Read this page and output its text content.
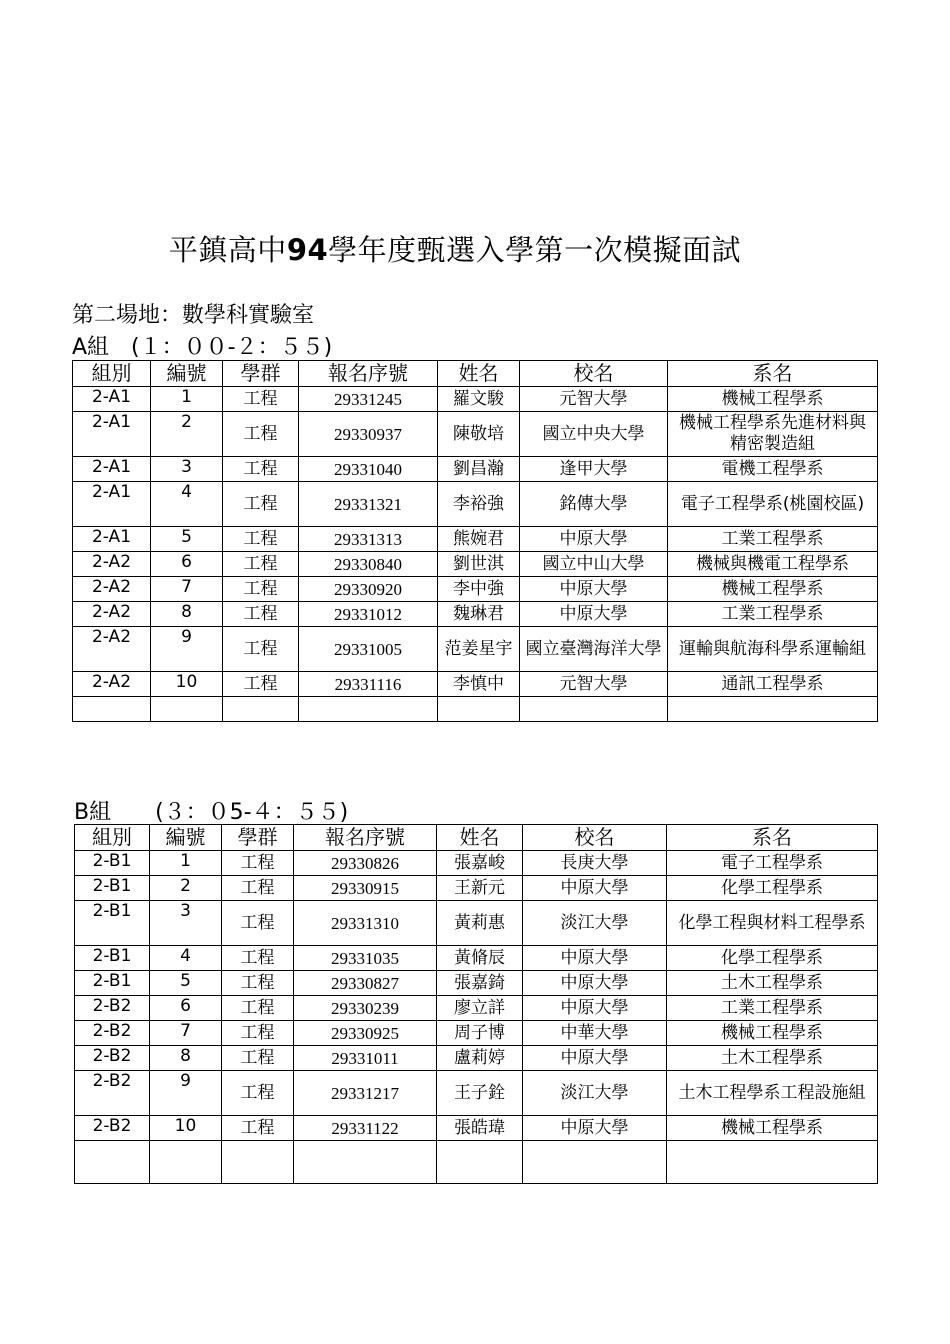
平鎮高中94學年度甄選入學第一次模擬面試
第二場地：數學科實驗室
A組　(１：００-２：５５)
組別	編號	學群	報名序號	姓名	校名	系名
2-A1	1	工程	29331245	羅文駿	元智大學	機械工程學系
2-A1	2	工程	29330937	陳敬培	國立中央大學	機械工程學系先進材料與精密製造組
2-A1	3	工程	29331040	劉昌瀚	逢甲大學	電機工程學系
2-A1	4	工程	29331321	李裕強	銘傳大學	電子工程學系(桃園校區)
2-A1	5	工程	29331313	熊婉君	中原大學	工業工程學系
2-A2	6	工程	29330840	劉世淇	國立中山大學	機械與機電工程學系
2-A2	7	工程	29330920	李中強	中原大學	機械工程學系
2-A2	8	工程	29331012	魏琳君	中原大學	工業工程學系
2-A2	9	工程	29331005	范姜星宇	國立臺灣海洋大學	運輸與航海科學系運輸組
2-A2	10	工程	29331116	李慎中	元智大學	通訊工程學系

B組　　(３：０5-４：５５)
組別	編號	學群	報名序號	姓名	校名	系名
2-B1	1	工程	29330826	張嘉峻	長庚大學	電子工程學系
2-B1	2	工程	29330915	王新元	中原大學	化學工程學系
2-B1	3	工程	29331310	黃莉惠	淡江大學	化學工程與材料工程學系
2-B1	4	工程	29331035	黃脩辰	中原大學	化學工程學系
2-B1	5	工程	29330827	張嘉錡	中原大學	土木工程學系
2-B2	6	工程	29330239	廖立詳	中原大學	工業工程學系
2-B2	7	工程	29330925	周子博	中華大學	機械工程學系
2-B2	8	工程	29331011	盧莉婷	中原大學	土木工程學系
2-B2	9	工程	29331217	王子銓	淡江大學	土木工程學系工程設施組
2-B2	10	工程	29331122	張皓瑋	中原大學	機械工程學系
